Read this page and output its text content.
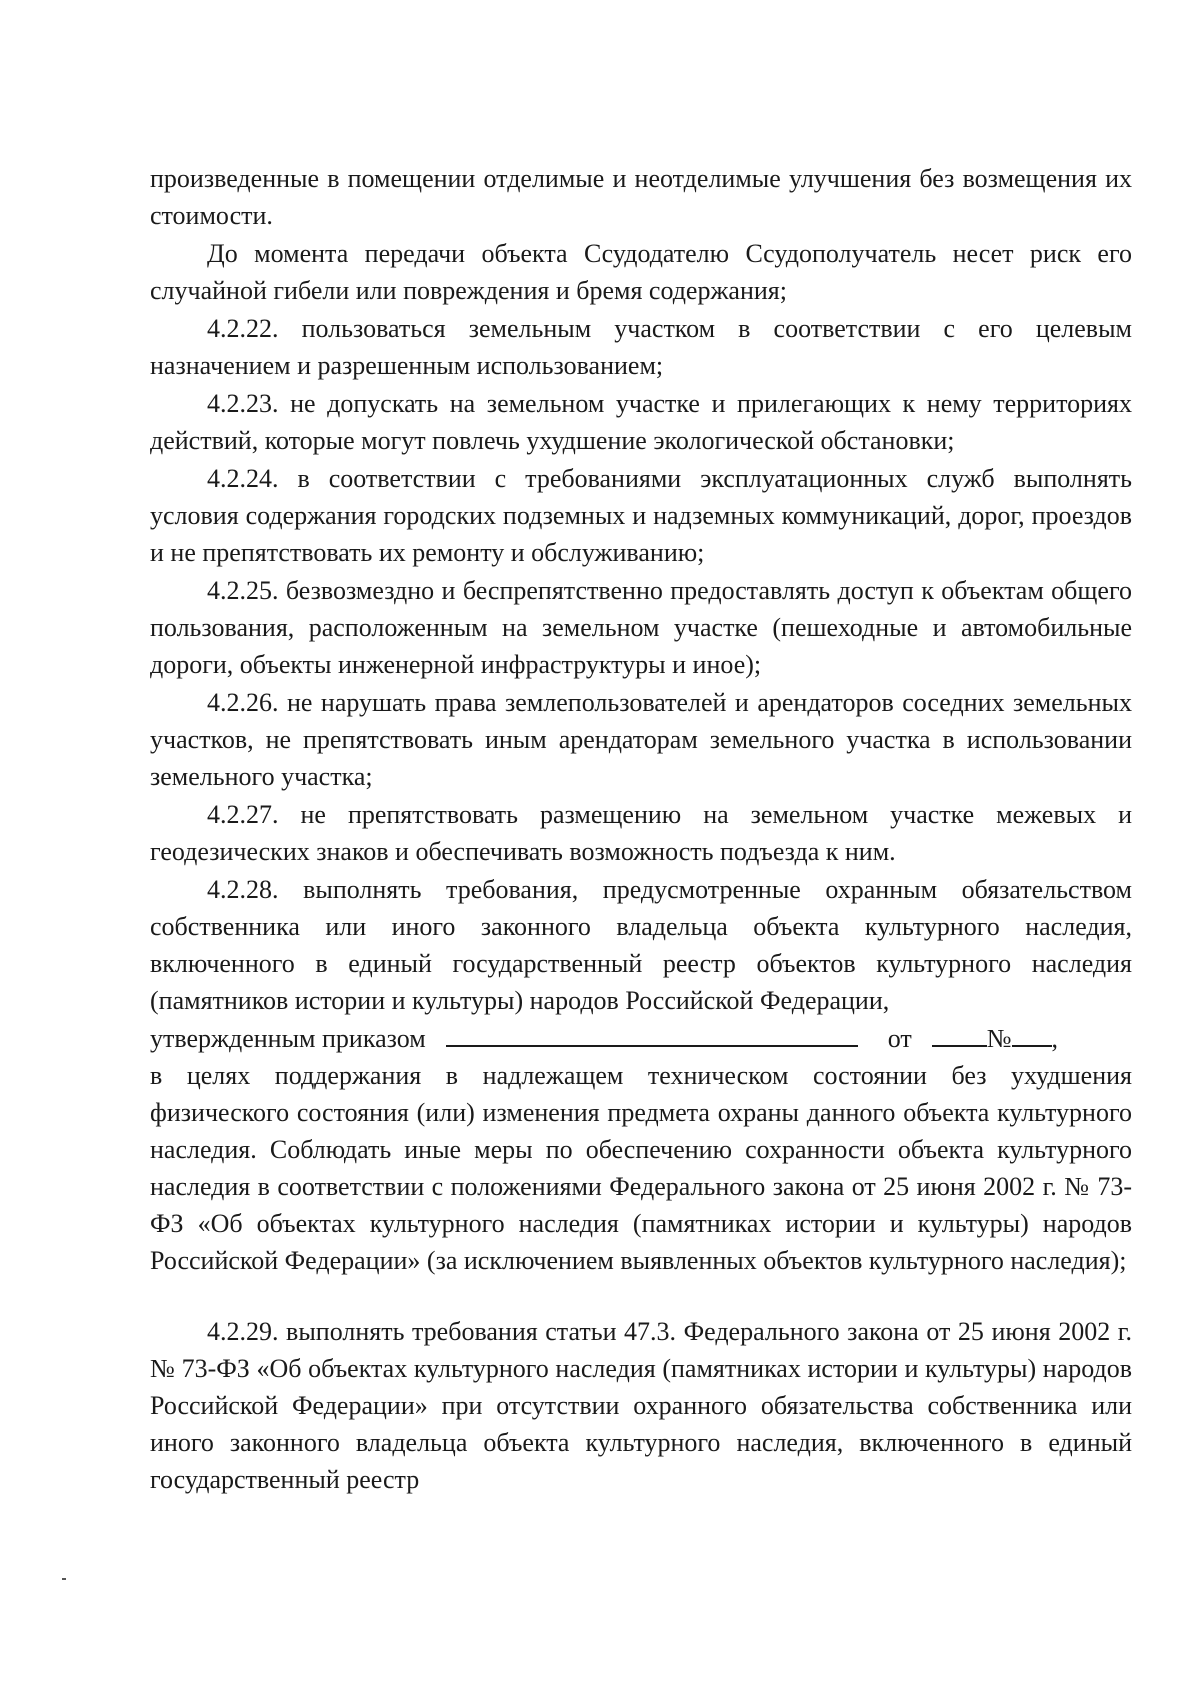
произведенные в помещении отделимые и неотделимые улучшения без возмещения их стоимости.

До момента передачи объекта Ссудодателю Ссудополучатель несет риск его случайной гибели или повреждения и бремя содержания;

4.2.22. пользоваться земельным участком в соответствии с его целевым назначением и разрешенным использованием;

4.2.23. не допускать на земельном участке и прилегающих к нему территориях действий, которые могут повлечь ухудшение экологической обстановки;

4.2.24. в соответствии с требованиями эксплуатационных служб выполнять условия содержания городских подземных и надземных коммуникаций, дорог, проездов и не препятствовать их ремонту и обслуживанию;

4.2.25. безвозмездно и беспрепятственно предоставлять доступ к объектам общего пользования, расположенным на земельном участке (пешеходные и автомобильные дороги, объекты инженерной инфраструктуры и иное);

4.2.26. не нарушать права землепользователей и арендаторов соседних земельных участков, не препятствовать иным арендаторам земельного участка в использовании земельного участка;

4.2.27. не препятствовать размещению на земельном участке межевых и геодезических знаков и обеспечивать возможность подъезда к ним.

4.2.28. выполнять требования, предусмотренные охранным обязательством собственника или иного законного владельца объекта культурного наследия, включенного в единый государственный реестр объектов культурного наследия (памятников истории и культуры) народов Российской Федерации,

утвержденным приказом	от	№ ,

в целях поддержания в надлежащем техническом состоянии без ухудшения физического состояния (или) изменения предмета охраны данного объекта культурного наследия. Соблюдать иные меры по обеспечению сохранности объекта культурного наследия в соответствии с положениями Федерального закона от 25 июня 2002 г. № 73-ФЗ «Об объектах культурного наследия (памятниках истории и культуры) народов Российской Федерации» (за исключением выявленных объектов культурного наследия);

4.2.29. выполнять требования статьи 47.3. Федерального закона от 25 июня 2002 г. № 73-ФЗ «Об объектах культурного наследия (памятниках истории и культуры) народов Российской Федерации» при отсутствии охранного обязательства собственника или иного законного владельца объекта культурного наследия, включенного в единый государственный реестр
